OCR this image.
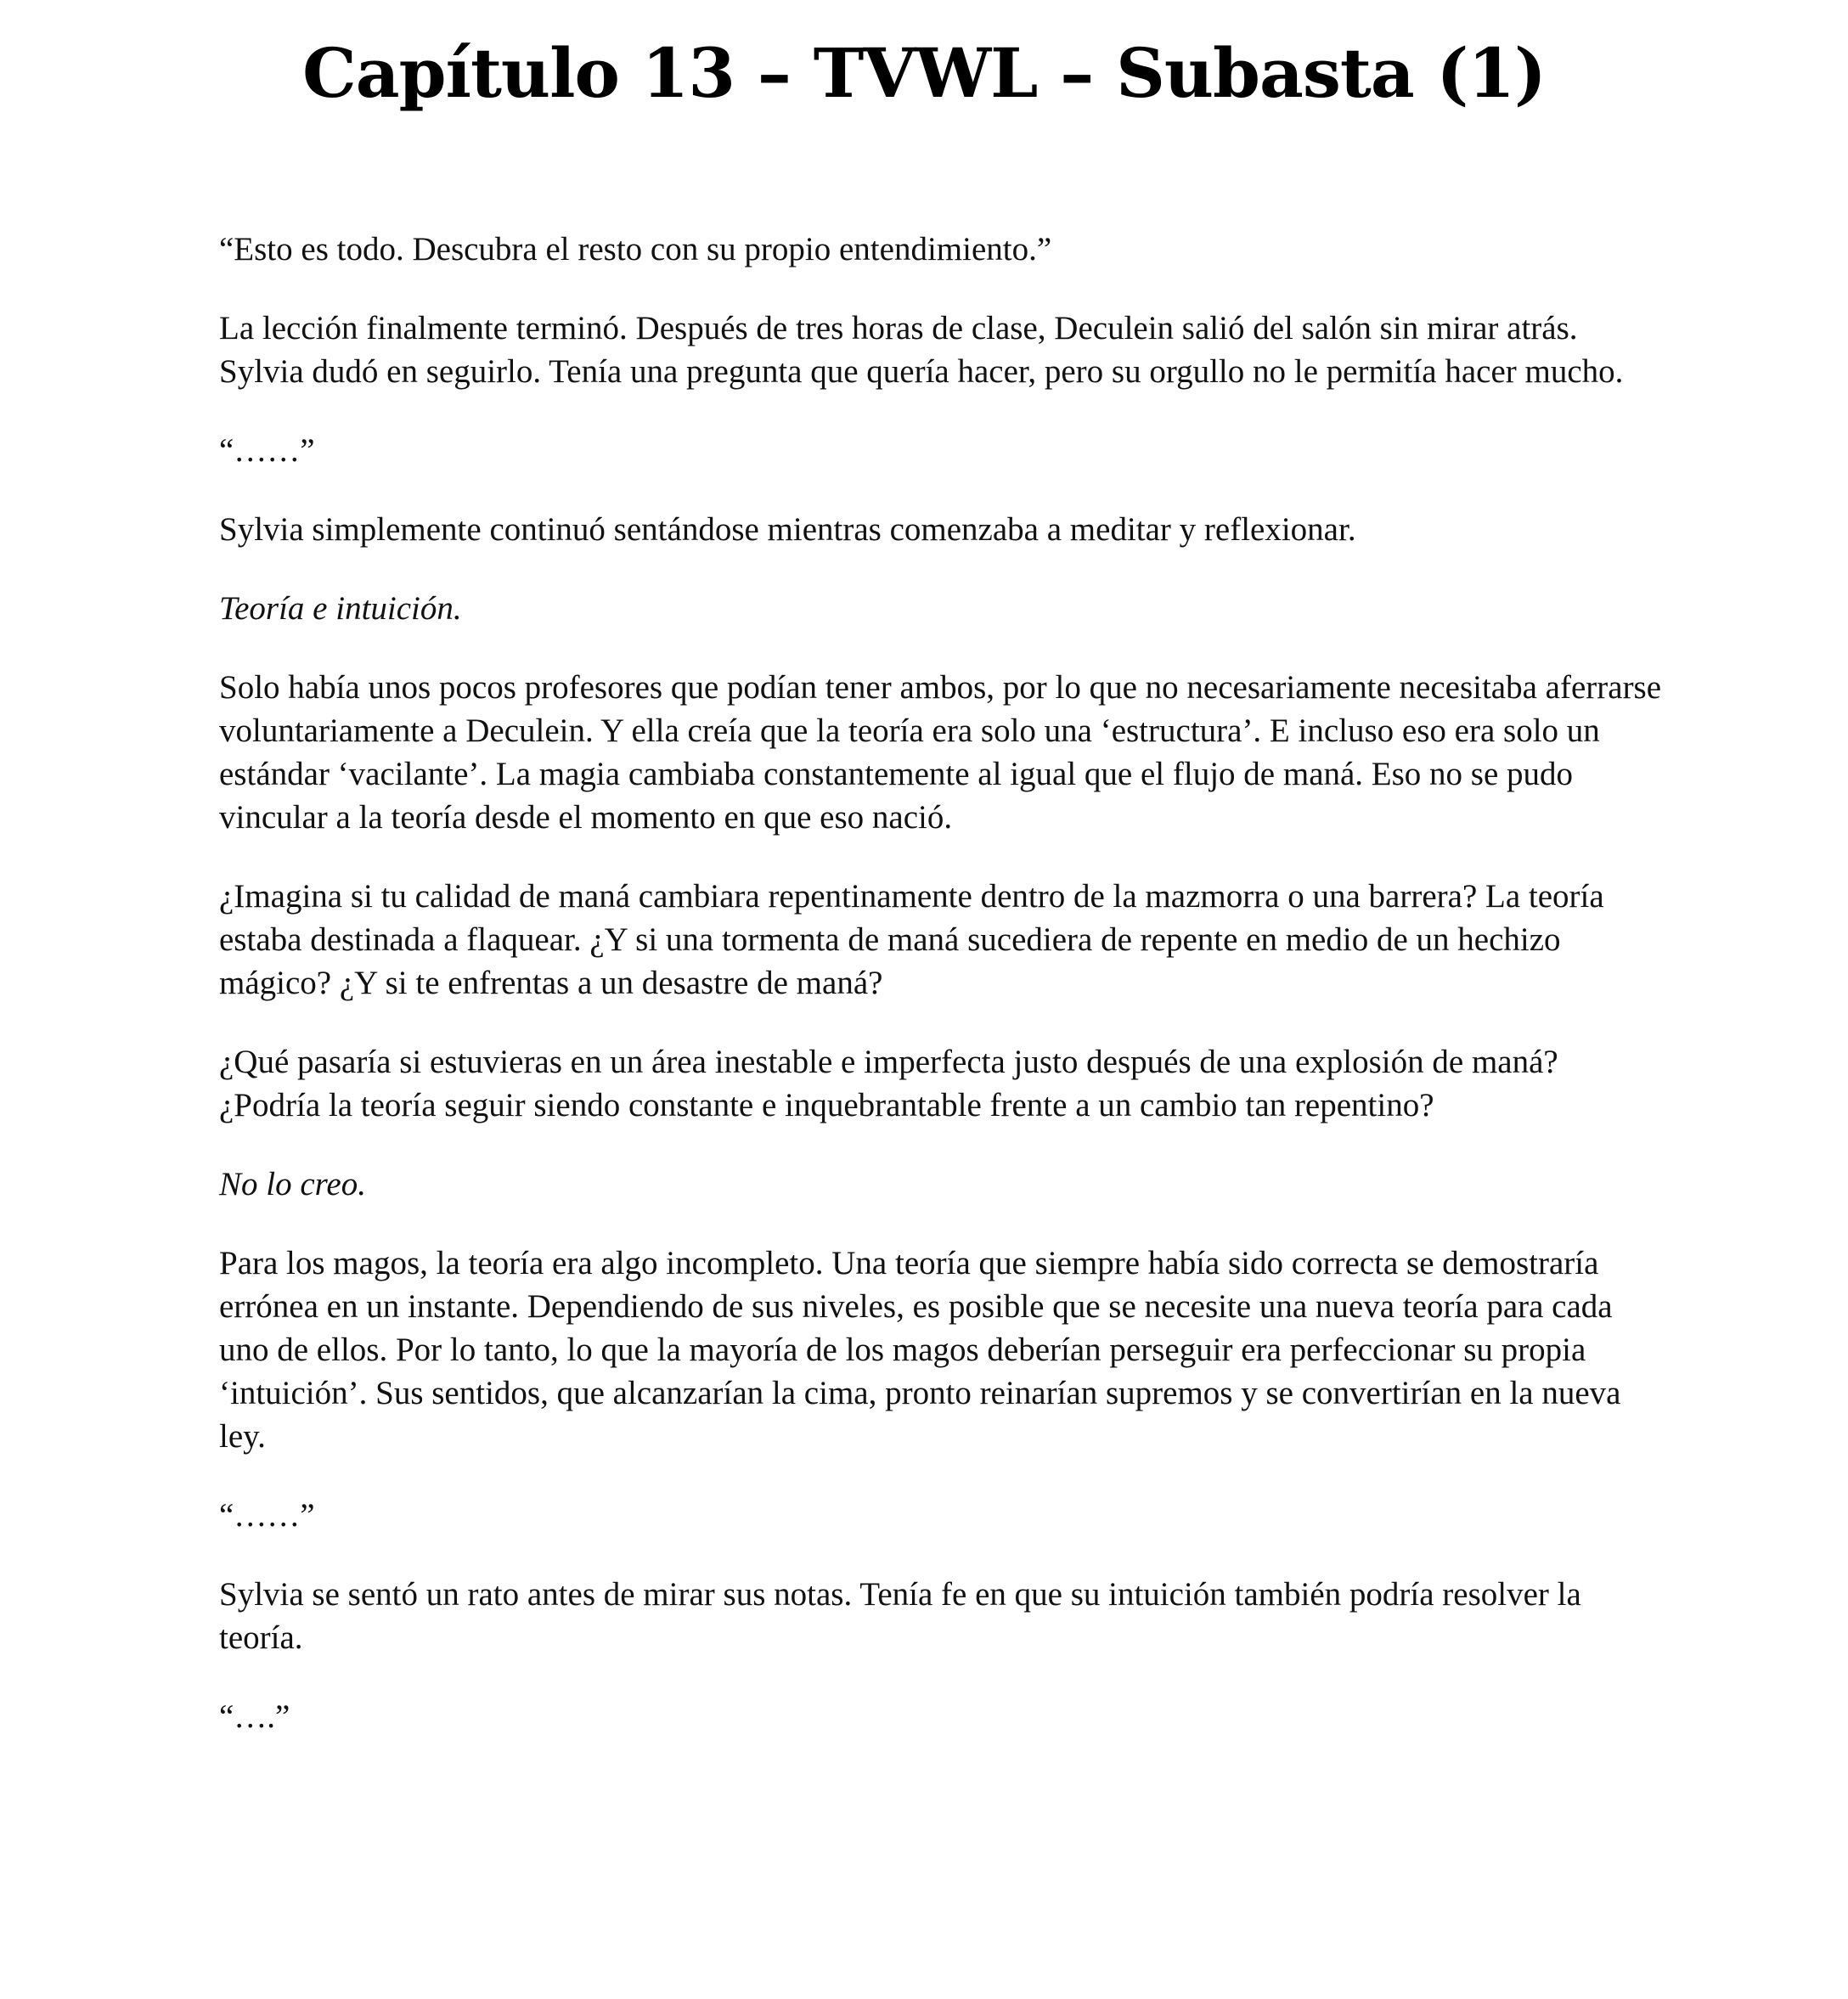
Capítulo 13 – TVWL – Subasta (1)

“Esto es todo. Descubra el resto con su propio entendimiento.”

La lección finalmente terminó. Después de tres horas de clase, Deculein salió del salón sin mirar atrás. Sylvia dudó en seguirlo. Tenía una pregunta que quería hacer, pero su orgullo no le permitía hacer mucho.

“……”

Sylvia simplemente continuó sentándose mientras comenzaba a meditar y reflexionar.

Teoría e intuición.

Solo había unos pocos profesores que podían tener ambos, por lo que no necesariamente necesitaba aferrarse voluntariamente a Deculein. Y ella creía que la teoría era solo una ‘estructura’. E incluso eso era solo un estándar ‘vacilante’. La magia cambiaba constantemente al igual que el flujo de maná. Eso no se pudo vincular a la teoría desde el momento en que eso nació.

¿Imagina si tu calidad de maná cambiara repentinamente dentro de la mazmorra o una barrera? La teoría estaba destinada a flaquear. ¿Y si una tormenta de maná sucediera de repente en medio de un hechizo mágico? ¿Y si te enfrentas a un desastre de maná?

¿Qué pasaría si estuvieras en un área inestable e imperfecta justo después de una explosión de maná? ¿Podría la teoría seguir siendo constante e inquebrantable frente a un cambio tan repentino?

No lo creo.

Para los magos, la teoría era algo incompleto. Una teoría que siempre había sido correcta se demostraría errónea en un instante. Dependiendo de sus niveles, es posible que se necesite una nueva teoría para cada uno de ellos. Por lo tanto, lo que la mayoría de los magos deberían perseguir era perfeccionar su propia ‘intuición’. Sus sentidos, que alcanzarían la cima, pronto reinarían supremos y se convertirían en la nueva ley.

“……”

Sylvia se sentó un rato antes de mirar sus notas. Tenía fe en que su intuición también podría resolver la teoría.

“….”
